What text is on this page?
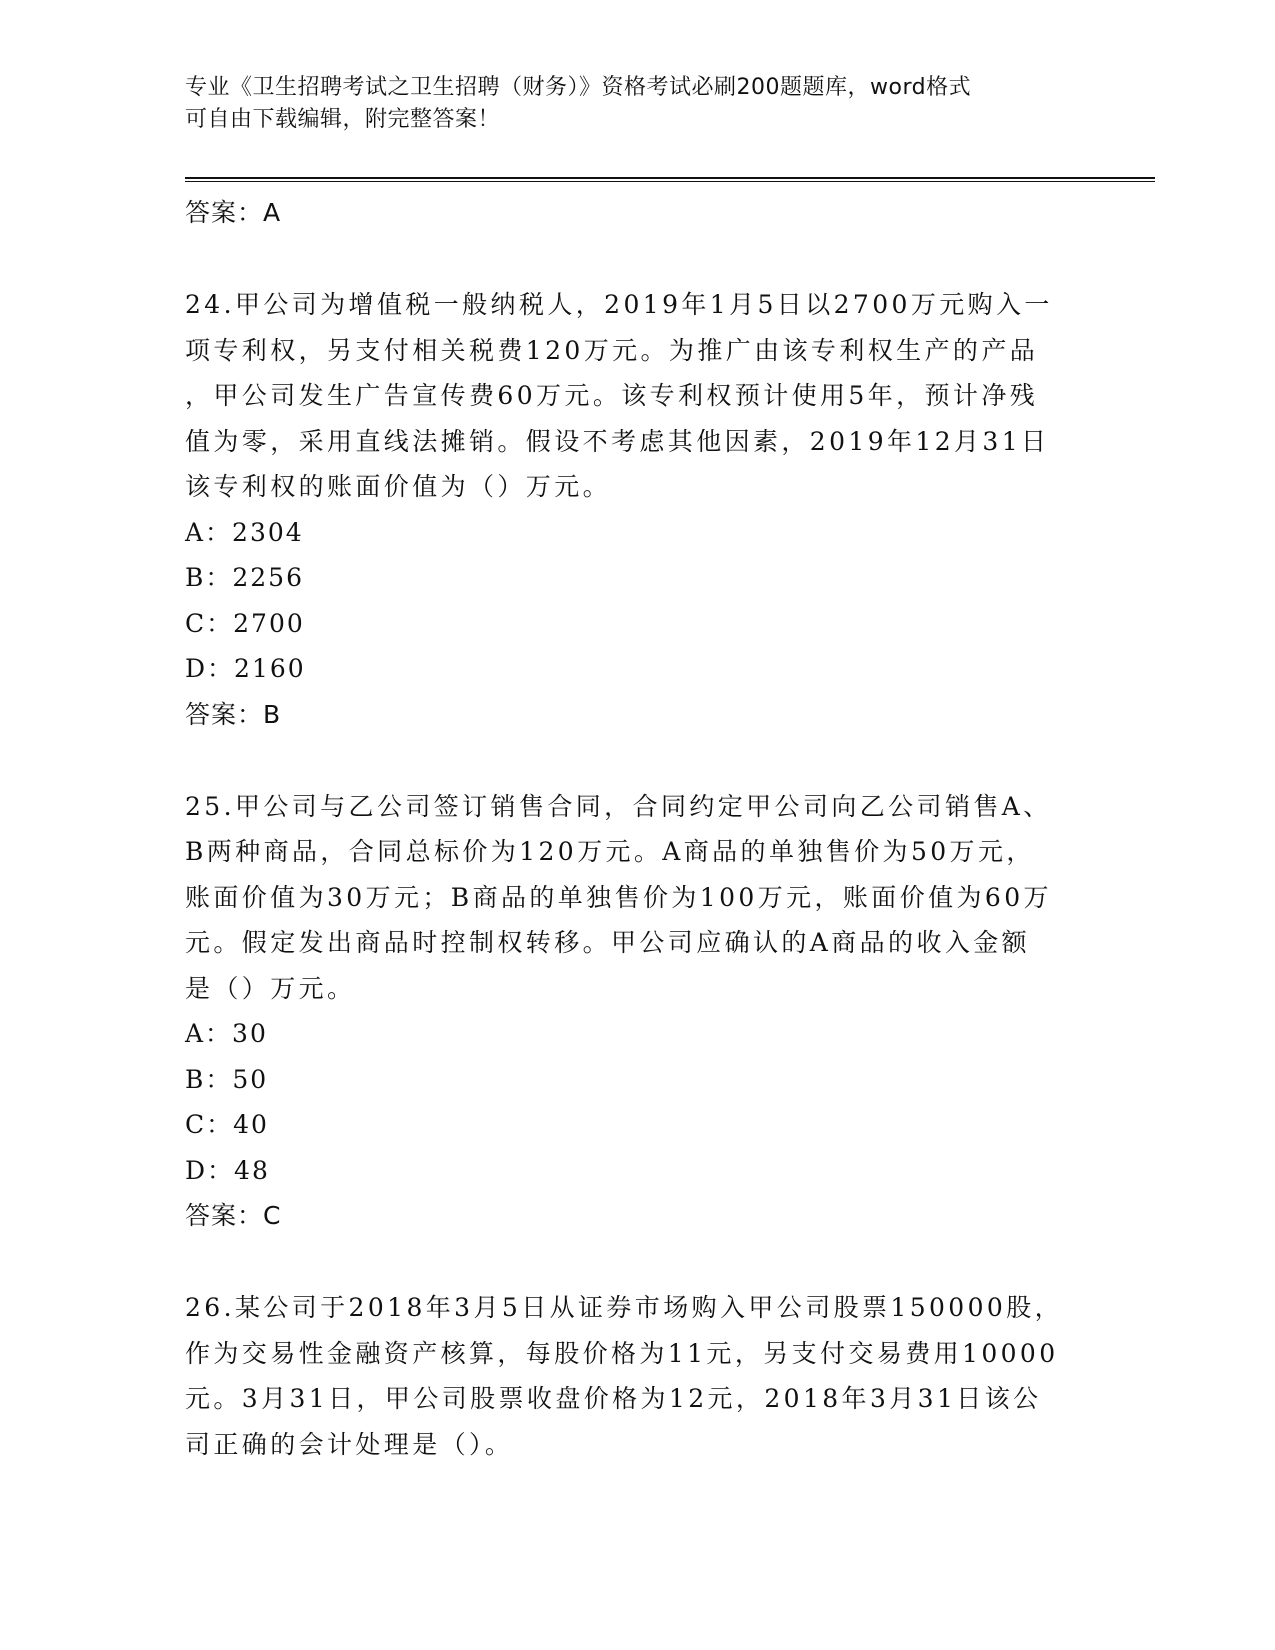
专业《卫生招聘考试之卫生招聘（财务）》资格考试必刷200题题库，word格式
可自由下载编辑，附完整答案！
答案：A
24.甲公司为增值税一般纳税人，2019年1月5日以2700万元购入一
项专利权，另支付相关税费120万元。为推广由该专利权生产的产品
，甲公司发生广告宣传费60万元。该专利权预计使用5年，预计净残
值为零，采用直线法摊销。假设不考虑其他因素，2019年12月31日
该专利权的账面价值为（）万元。
A：2304
B：2256
C：2700
D：2160
答案：B
25.甲公司与乙公司签订销售合同，合同约定甲公司向乙公司销售A、
B两种商品，合同总标价为120万元。A商品的单独售价为50万元，
账面价值为30万元；B商品的单独售价为100万元，账面价值为60万
元。假定发出商品时控制权转移。甲公司应确认的A商品的收入金额
是（）万元。
A：30
B：50
C：40
D：48
答案：C
26.某公司于2018年3月5日从证券市场购入甲公司股票150000股，
作为交易性金融资产核算，每股价格为11元，另支付交易费用10000
元。3月31日，甲公司股票收盘价格为12元，2018年3月31日该公
司正确的会计处理是（）。
